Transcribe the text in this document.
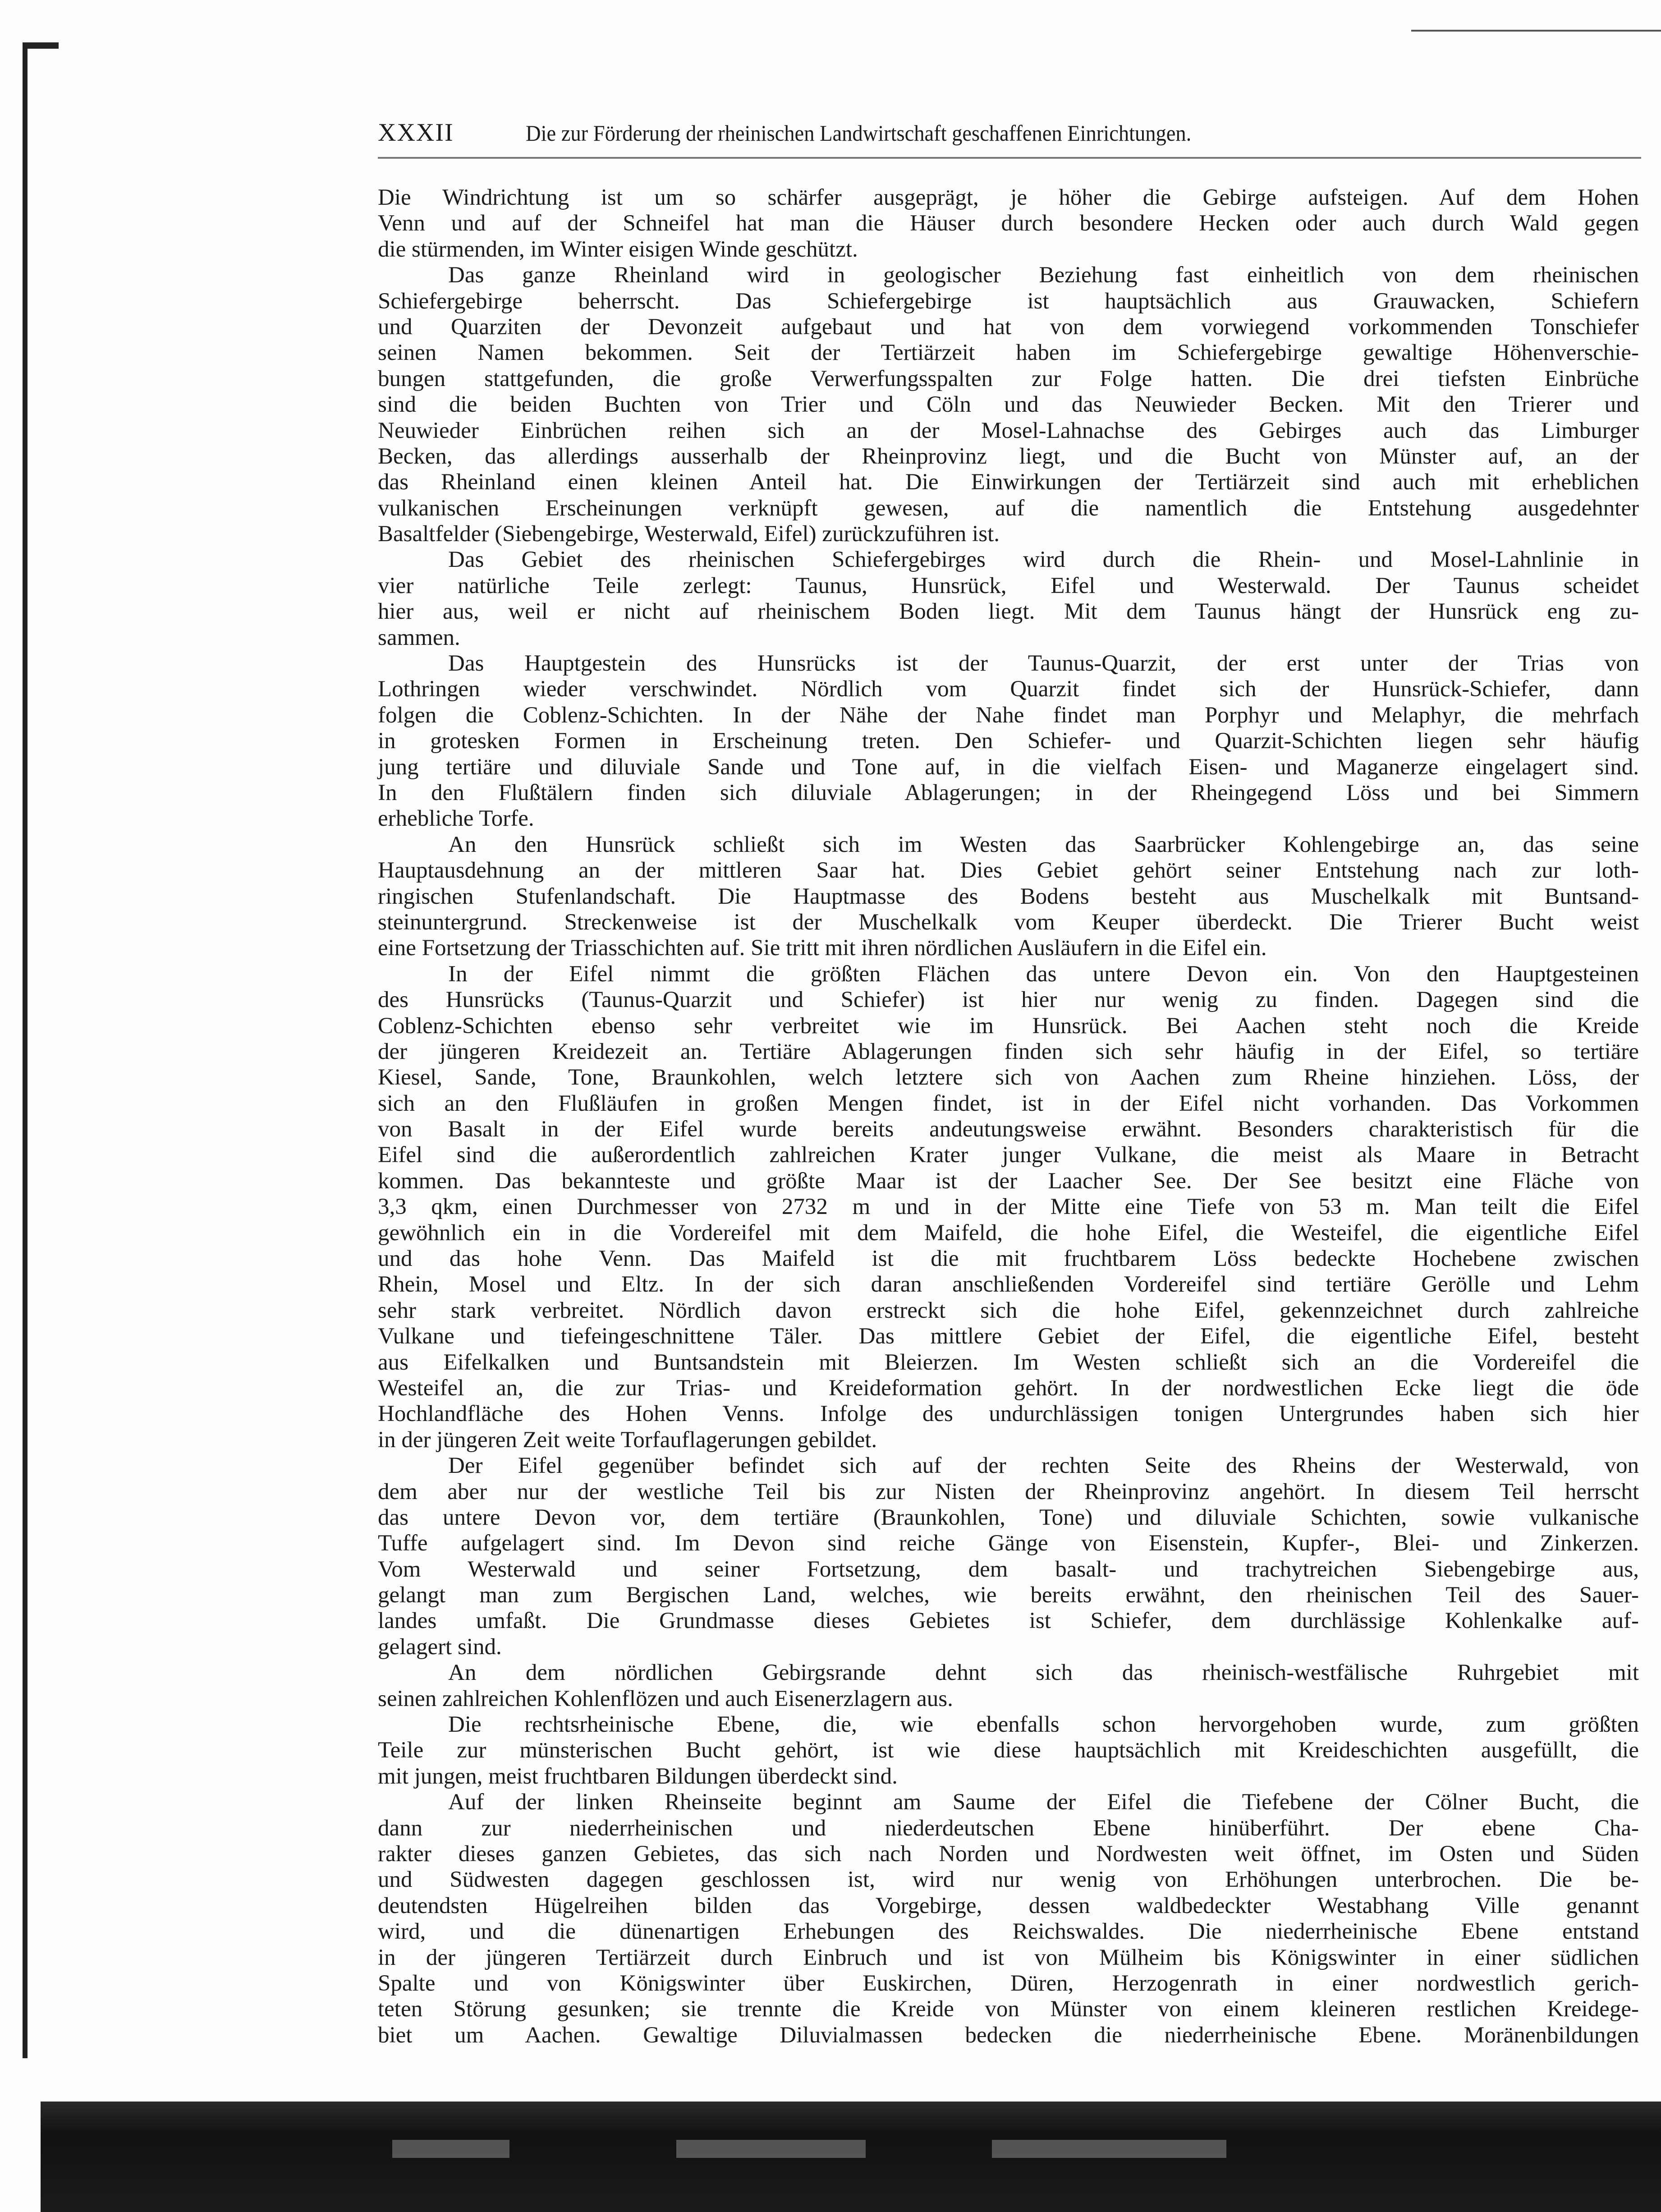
XXXII	Die zur Förderung der rheinischen Landwirtschaft geschaffenen Einrichtungen.
Die Windrichtung ist um so schärfer ausgeprägt, je höher die Gebirge aufsteigen. Auf dem Hohen
Venn und auf der Schneifel hat man die Häuser durch besondere Hecken oder auch durch Wald gegen
die stürmenden, im Winter eisigen Winde geschützt.
Das ganze Rheinland wird in geologischer Beziehung fast einheitlich von dem rheinischen
Schiefergebirge beherrscht. Das Schiefergebirge ist hauptsächlich aus Grauwacken, Schiefern
und Quarziten der Devonzeit aufgebaut und hat von dem vorwiegend vorkommenden Tonschiefer
seinen Namen bekommen. Seit der Tertiärzeit haben im Schiefergebirge gewaltige Höhenverschie-
bungen stattgefunden, die große Verwerfungsspalten zur Folge hatten. Die drei tiefsten Einbrüche
sind die beiden Buchten von Trier und Cöln und das Neuwieder Becken. Mit den Trierer und
Neuwieder Einbrüchen reihen sich an der Mosel-Lahnachse des Gebirges auch das Limburger
Becken, das allerdings ausserhalb der Rheinprovinz liegt, und die Bucht von Münster auf, an der
das Rheinland einen kleinen Anteil hat. Die Einwirkungen der Tertiärzeit sind auch mit erheblichen
vulkanischen Erscheinungen verknüpft gewesen, auf die namentlich die Entstehung ausgedehnter
Basaltfelder (Siebengebirge, Westerwald, Eifel) zurückzuführen ist.
Das Gebiet des rheinischen Schiefergebirges wird durch die Rhein- und Mosel-Lahnlinie in
vier natürliche Teile zerlegt: Taunus, Hunsrück, Eifel und Westerwald. Der Taunus scheidet
hier aus, weil er nicht auf rheinischem Boden liegt. Mit dem Taunus hängt der Hunsrück eng zu-
sammen.
Das Hauptgestein des Hunsrücks ist der Taunus-Quarzit, der erst unter der Trias von
Lothringen wieder verschwindet. Nördlich vom Quarzit findet sich der Hunsrück-Schiefer, dann
folgen die Coblenz-Schichten. In der Nähe der Nahe findet man Porphyr und Melaphyr, die mehrfach
in grotesken Formen in Erscheinung treten. Den Schiefer- und Quarzit-Schichten liegen sehr häufig
jung tertiäre und diluviale Sande und Tone auf, in die vielfach Eisen- und Maganerze eingelagert sind.
In den Flußtälern finden sich diluviale Ablagerungen; in der Rheingegend Löss und bei Simmern
erhebliche Torfe.
An den Hunsrück schließt sich im Westen das Saarbrücker Kohlengebirge an, das seine
Hauptausdehnung an der mittleren Saar hat. Dies Gebiet gehört seiner Entstehung nach zur loth-
ringischen Stufenlandschaft. Die Hauptmasse des Bodens besteht aus Muschelkalk mit Buntsand-
steinuntergrund. Streckenweise ist der Muschelkalk vom Keuper überdeckt. Die Trierer Bucht weist
eine Fortsetzung der Triasschichten auf. Sie tritt mit ihren nördlichen Ausläufern in die Eifel ein.
In der Eifel nimmt die größten Flächen das untere Devon ein. Von den Hauptgesteinen
des Hunsrücks (Taunus-Quarzit und Schiefer) ist hier nur wenig zu finden. Dagegen sind die
Coblenz-Schichten ebenso sehr verbreitet wie im Hunsrück. Bei Aachen steht noch die Kreide
der jüngeren Kreidezeit an. Tertiäre Ablagerungen finden sich sehr häufig in der Eifel, so tertiäre
Kiesel, Sande, Tone, Braunkohlen, welch letztere sich von Aachen zum Rheine hinziehen. Löss, der
sich an den Flußläufen in großen Mengen findet, ist in der Eifel nicht vorhanden. Das Vorkommen
von Basalt in der Eifel wurde bereits andeutungsweise erwähnt. Besonders charakteristisch für die
Eifel sind die außerordentlich zahlreichen Krater junger Vulkane, die meist als Maare in Betracht
kommen. Das bekannteste und größte Maar ist der Laacher See. Der See besitzt eine Fläche von
3,3 qkm, einen Durchmesser von 2732 m und in der Mitte eine Tiefe von 53 m. Man teilt die Eifel
gewöhnlich ein in die Vordereifel mit dem Maifeld, die hohe Eifel, die Westeifel, die eigentliche Eifel
und das hohe Venn. Das Maifeld ist die mit fruchtbarem Löss bedeckte Hochebene zwischen
Rhein, Mosel und Eltz. In der sich daran anschließenden Vordereifel sind tertiäre Gerölle und Lehm
sehr stark verbreitet. Nördlich davon erstreckt sich die hohe Eifel, gekennzeichnet durch zahlreiche
Vulkane und tiefeingeschnittene Täler. Das mittlere Gebiet der Eifel, die eigentliche Eifel, besteht
aus Eifelkalken und Buntsandstein mit Bleierzen. Im Westen schließt sich an die Vordereifel die
Westeifel an, die zur Trias- und Kreideformation gehört. In der nordwestlichen Ecke liegt die öde
Hochlandfläche des Hohen Venns. Infolge des undurchlässigen tonigen Untergrundes haben sich hier
in der jüngeren Zeit weite Torfauflagerungen gebildet.
Der Eifel gegenüber befindet sich auf der rechten Seite des Rheins der Westerwald, von
dem aber nur der westliche Teil bis zur Nisten der Rheinprovinz angehört. In diesem Teil herrscht
das untere Devon vor, dem tertiäre (Braunkohlen, Tone) und diluviale Schichten, sowie vulkanische
Tuffe aufgelagert sind. Im Devon sind reiche Gänge von Eisenstein, Kupfer-, Blei- und Zinkerzen.
Vom Westerwald und seiner Fortsetzung, dem basalt- und trachytreichen Siebengebirge aus,
gelangt man zum Bergischen Land, welches, wie bereits erwähnt, den rheinischen Teil des Sauer-
landes umfaßt. Die Grundmasse dieses Gebietes ist Schiefer, dem durchlässige Kohlenkalke auf-
gelagert sind.
An dem nördlichen Gebirgsrande dehnt sich das rheinisch-westfälische Ruhrgebiet mit
seinen zahlreichen Kohlenflözen und auch Eisenerzlagern aus.
Die rechtsrheinische Ebene, die, wie ebenfalls schon hervorgehoben wurde, zum größten
Teile zur münsterischen Bucht gehört, ist wie diese hauptsächlich mit Kreideschichten ausgefüllt, die
mit jungen, meist fruchtbaren Bildungen überdeckt sind.
Auf der linken Rheinseite beginnt am Saume der Eifel die Tiefebene der Cölner Bucht, die
dann zur niederrheinischen und niederdeutschen Ebene hinüberführt. Der ebene Cha-
rakter dieses ganzen Gebietes, das sich nach Norden und Nordwesten weit öffnet, im Osten und Süden
und Südwesten dagegen geschlossen ist, wird nur wenig von Erhöhungen unterbrochen. Die be-
deutendsten Hügelreihen bilden das Vorgebirge, dessen waldbedeckter Westabhang Ville genannt
wird, und die dünenartigen Erhebungen des Reichswaldes. Die niederrheinische Ebene entstand
in der jüngeren Tertiärzeit durch Einbruch und ist von Mülheim bis Königswinter in einer südlichen
Spalte und von Königswinter über Euskirchen, Düren, Herzogenrath in einer nordwestlich gerich-
teten Störung gesunken; sie trennte die Kreide von Münster von einem kleineren restlichen Kreidege-
biet um Aachen. Gewaltige Diluvialmassen bedecken die niederrheinische Ebene. Moränenbildungen
